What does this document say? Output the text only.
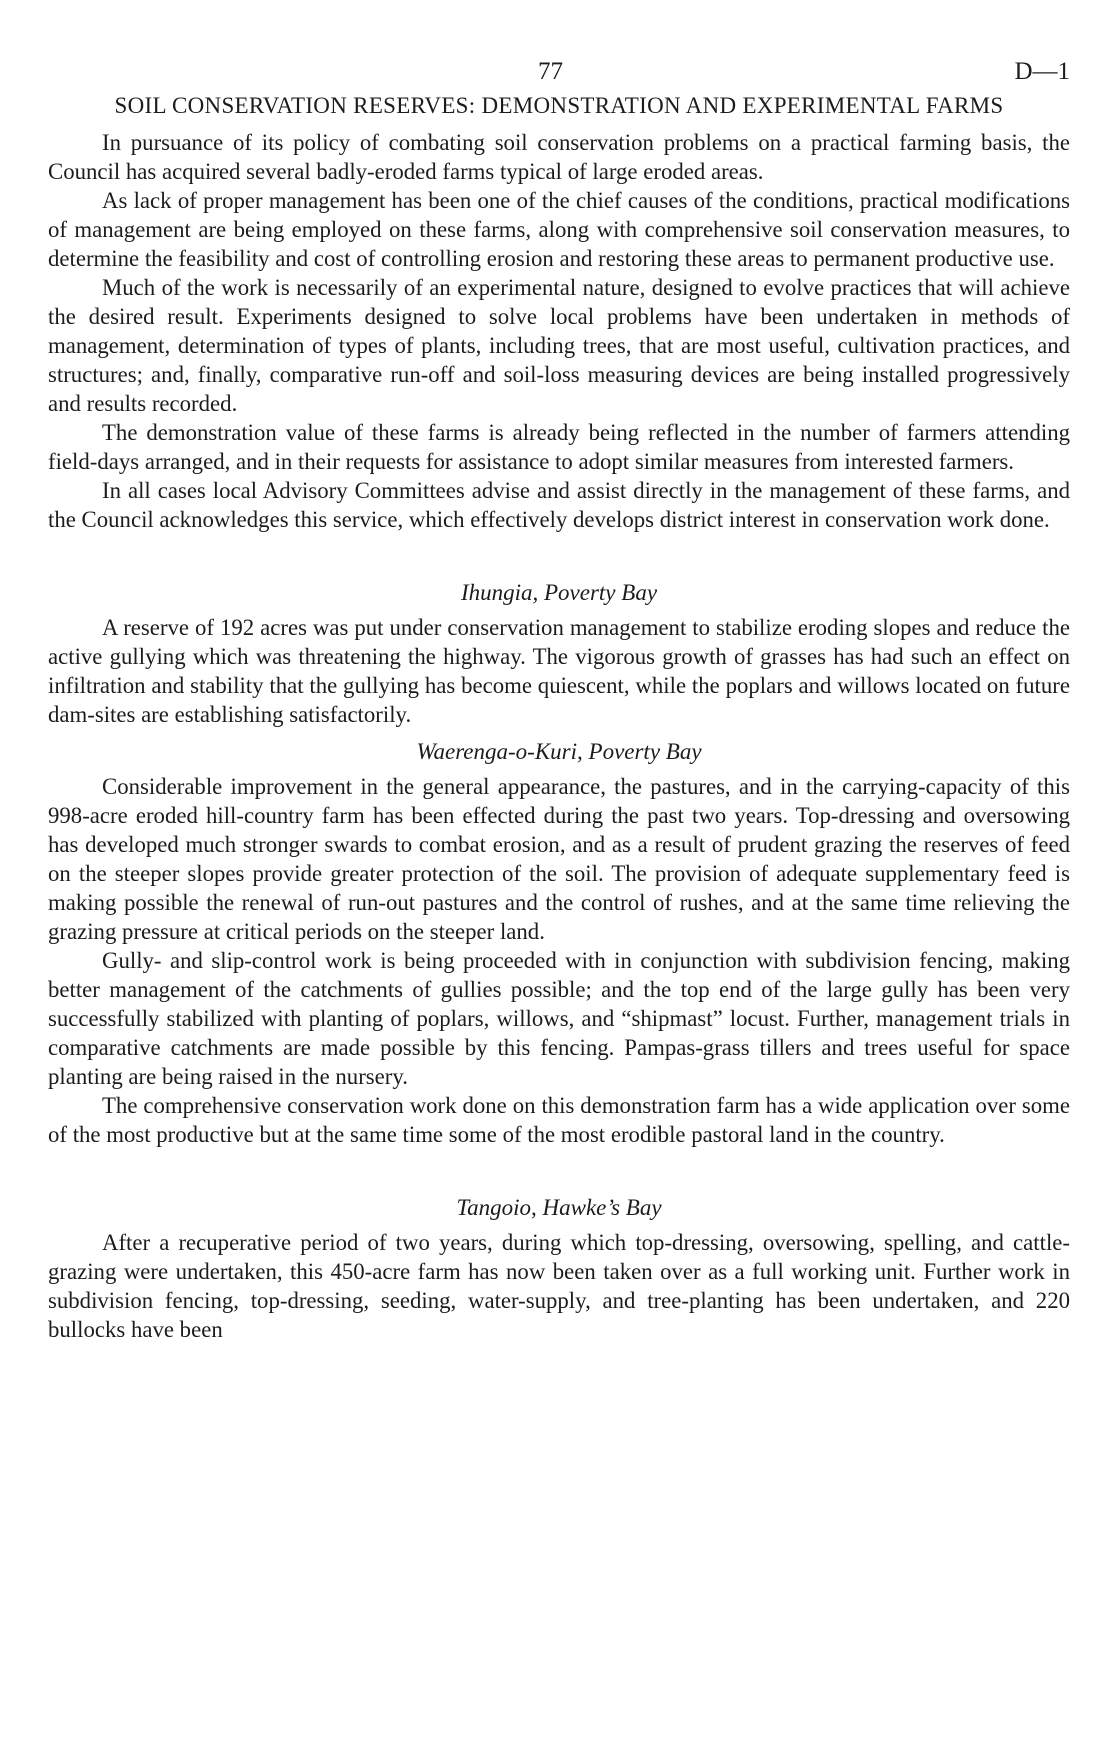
77	D—1
SOIL CONSERVATION RESERVES: DEMONSTRATION AND EXPERIMENTAL FARMS

In pursuance of its policy of combating soil conservation problems on a practical farming basis, the Council has acquired several badly-eroded farms typical of large eroded areas.

As lack of proper management has been one of the chief causes of the conditions, practical modifications of management are being employed on these farms, along with comprehensive soil conservation measures, to determine the feasibility and cost of controlling erosion and restoring these areas to permanent productive use.

Much of the work is necessarily of an experimental nature, designed to evolve practices that will achieve the desired result. Experiments designed to solve local problems have been undertaken in methods of management, determination of types of plants, including trees, that are most useful, cultivation practices, and structures; and, finally, comparative run-off and soil-loss measuring devices are being installed progressively and results recorded.

The demonstration value of these farms is already being reflected in the number of farmers attending field-days arranged, and in their requests for assistance to adopt similar measures from interested farmers.

In all cases local Advisory Committees advise and assist directly in the management of these farms, and the Council acknowledges this service, which effectively develops district interest in conservation work done.

Ihungia, Poverty Bay

A reserve of 192 acres was put under conservation management to stabilize eroding slopes and reduce the active gullying which was threatening the highway. The vigorous growth of grasses has had such an effect on infiltration and stability that the gullying has become quiescent, while the poplars and willows located on future dam-sites are establishing satisfactorily.

Waerenga-o-Kuri, Poverty Bay

Considerable improvement in the general appearance, the pastures, and in the carrying-capacity of this 998-acre eroded hill-country farm has been effected during the past two years. Top-dressing and oversowing has developed much stronger swards to combat erosion, and as a result of prudent grazing the reserves of feed on the steeper slopes provide greater protection of the soil. The provision of adequate supplementary feed is making possible the renewal of run-out pastures and the control of rushes, and at the same time relieving the grazing pressure at critical periods on the steeper land.

Gully- and slip-control work is being proceeded with in conjunction with subdivision fencing, making better management of the catchments of gullies possible; and the top end of the large gully has been very successfully stabilized with planting of poplars, willows, and “shipmast” locust. Further, management trials in comparative catchments are made possible by this fencing. Pampas-grass tillers and trees useful for space planting are being raised in the nursery.

The comprehensive conservation work done on this demonstration farm has a wide application over some of the most productive but at the same time some of the most erodible pastoral land in the country.

Tangoio, Hawke’s Bay

After a recuperative period of two years, during which top-dressing, oversowing, spelling, and cattle-grazing were undertaken, this 450-acre farm has now been taken over as a full working unit. Further work in subdivision fencing, top-dressing, seeding, water-supply, and tree-planting has been undertaken, and 220 bullocks have been
